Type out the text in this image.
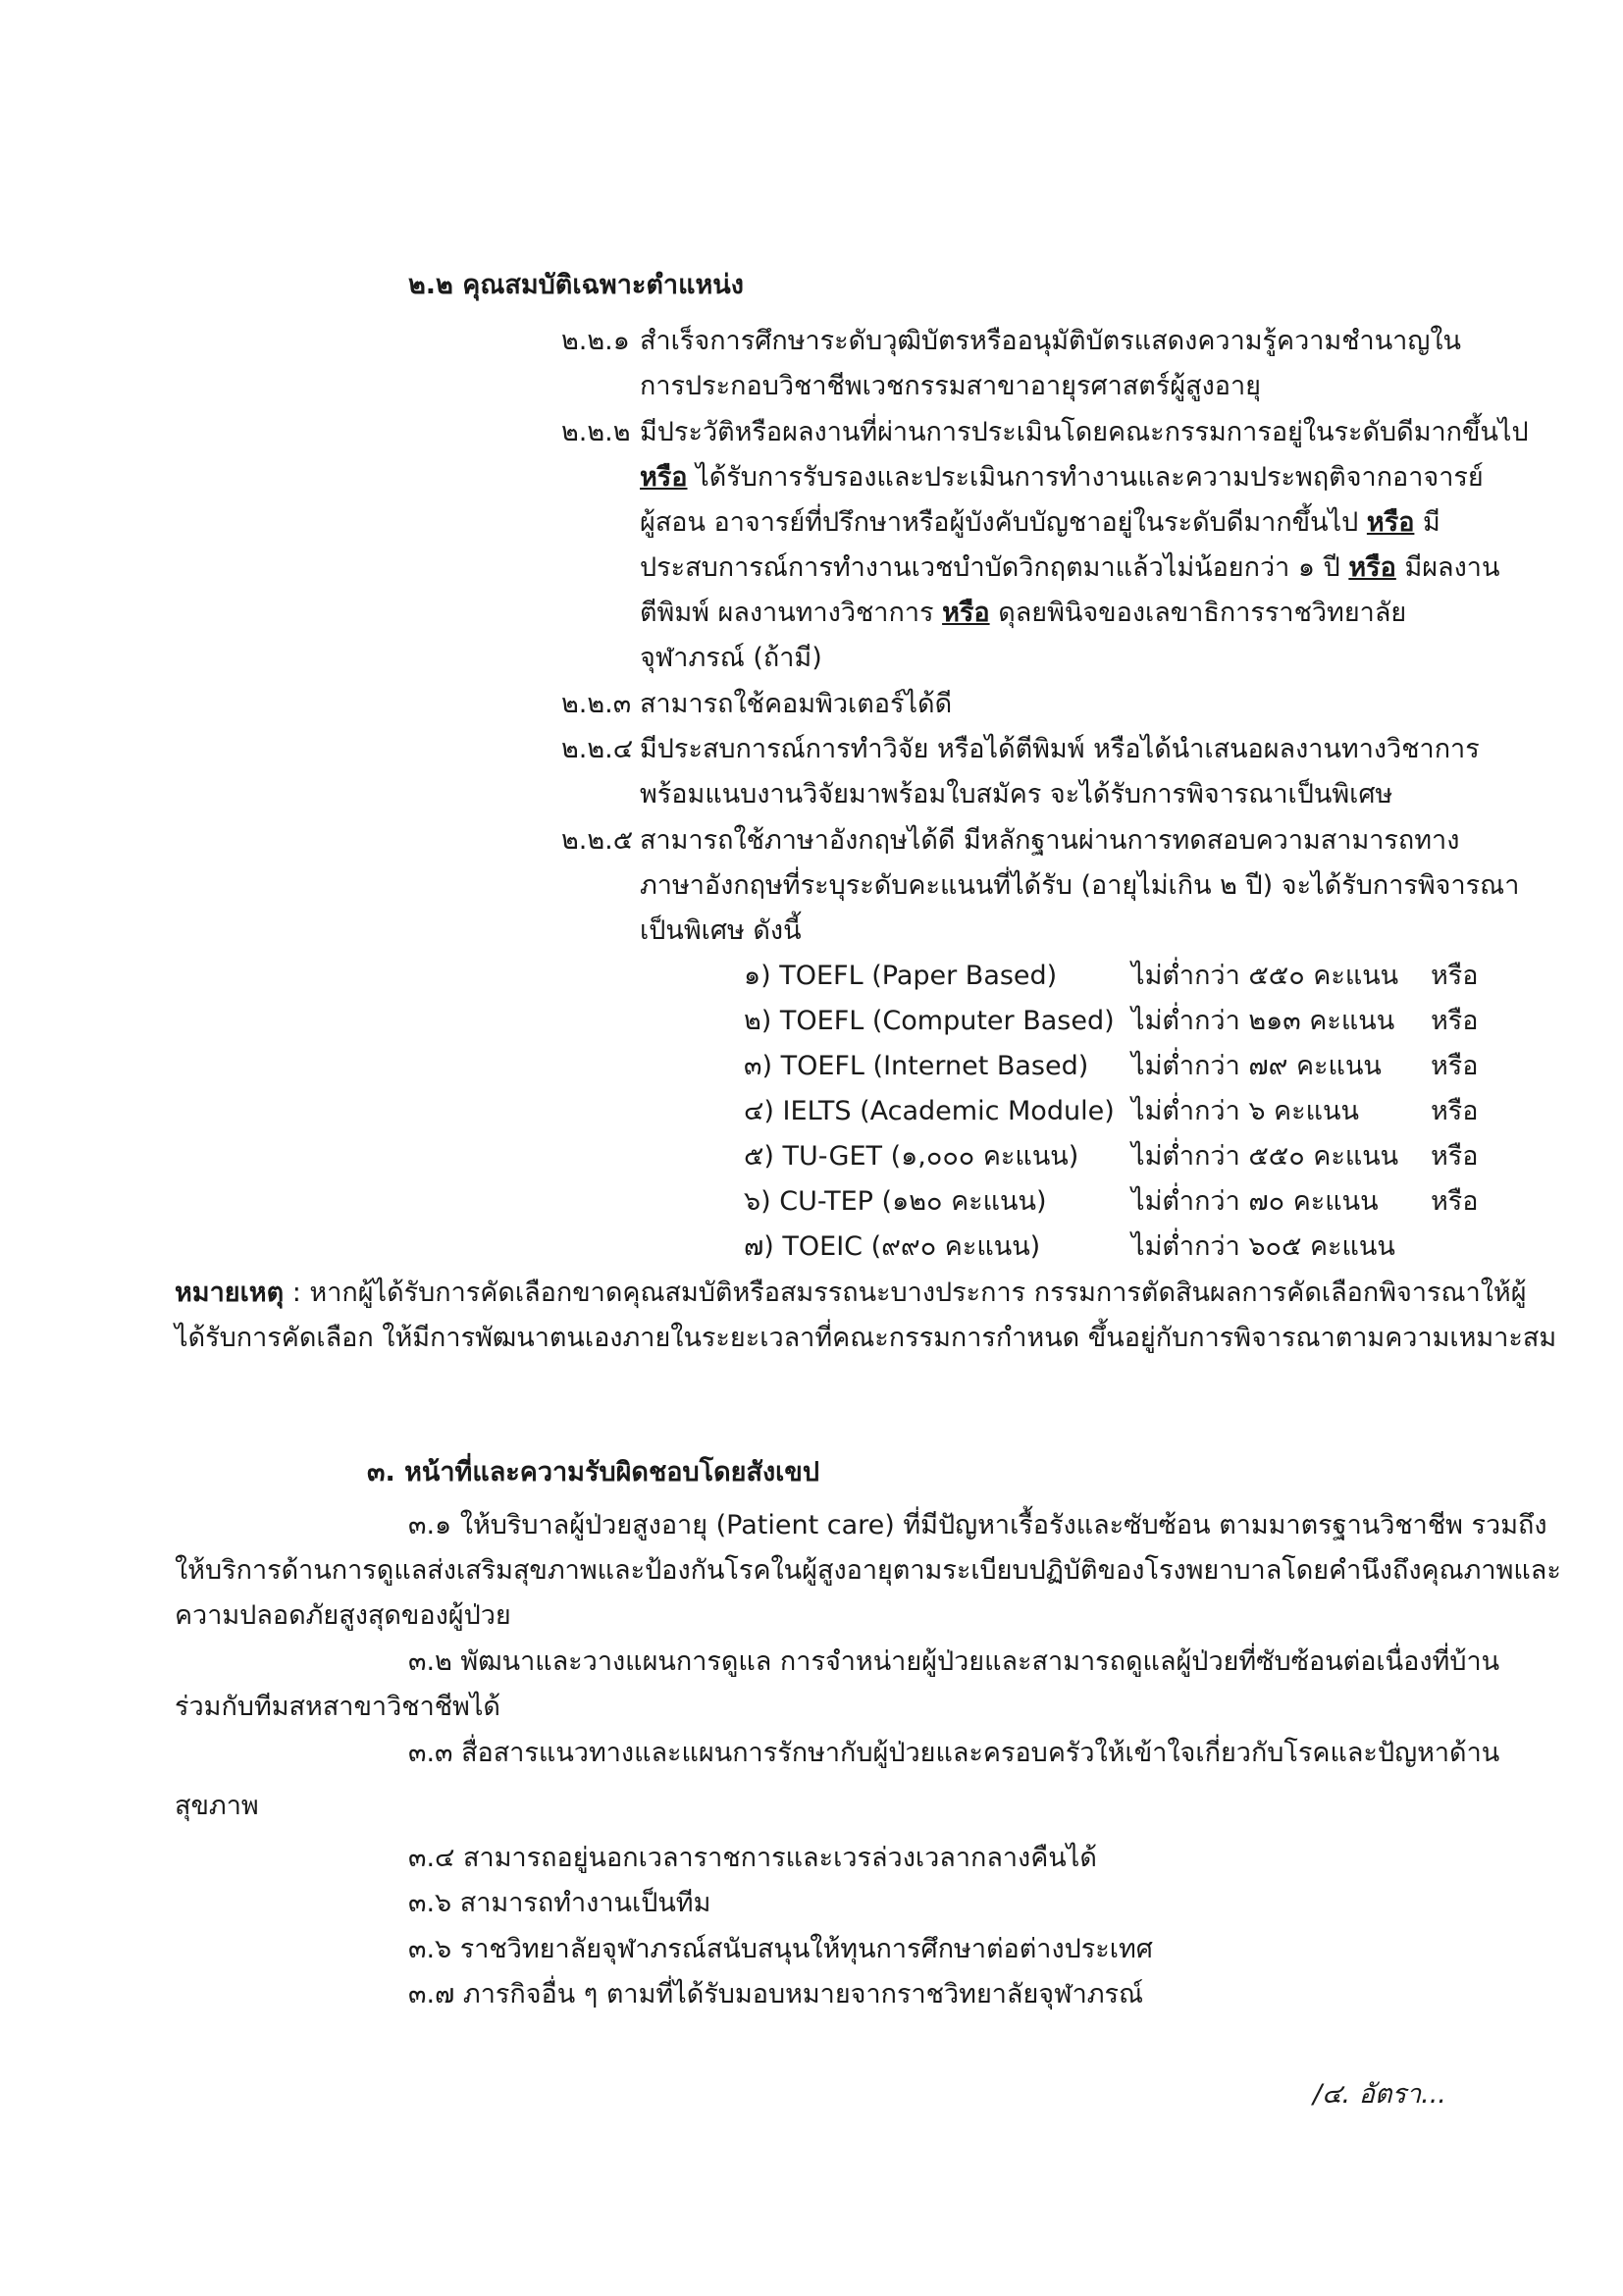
๒.๒ คุณสมบัติเฉพาะตำแหน่ง
๒.๒.๑ สำเร็จการศึกษาระดับวุฒิบัตรหรืออนุมัติบัตรแสดงความรู้ความชำนาญใน
การประกอบวิชาชีพเวชกรรมสาขาอายุรศาสตร์ผู้สูงอายุ
๒.๒.๒ มีประวัติหรือผลงานที่ผ่านการประเมินโดยคณะกรรมการอยู่ในระดับดีมากขึ้นไป
หรือ ได้รับการรับรองและประเมินการทำงานและความประพฤติจากอาจารย์
ผู้สอน อาจารย์ที่ปรึกษาหรือผู้บังคับบัญชาอยู่ในระดับดีมากขึ้นไป หรือ มี
ประสบการณ์การทำงานเวชบำบัดวิกฤตมาแล้วไม่น้อยกว่า ๑ ปี หรือ มีผลงาน
ตีพิมพ์ ผลงานทางวิชาการ หรือ ดุลยพินิจของเลขาธิการราชวิทยาลัย
จุฬาภรณ์ (ถ้ามี)
๒.๒.๓ สามารถใช้คอมพิวเตอร์ได้ดี
๒.๒.๔ มีประสบการณ์การทำวิจัย หรือได้ตีพิมพ์ หรือได้นำเสนอผลงานทางวิชาการ
พร้อมแนบงานวิจัยมาพร้อมใบสมัคร จะได้รับการพิจารณาเป็นพิเศษ
๒.๒.๕ สามารถใช้ภาษาอังกฤษได้ดี มีหลักฐานผ่านการทดสอบความสามารถทาง
ภาษาอังกฤษที่ระบุระดับคะแนนที่ได้รับ (อายุไม่เกิน ๒ ปี) จะได้รับการพิจารณา
เป็นพิเศษ ดังนี้
๑) TOEFL (Paper Based)	ไม่ต่ำกว่า ๕๕๐ คะแนน หรือ
๒) TOEFL (Computer Based) ไม่ต่ำกว่า ๒๑๓ คะแนน หรือ
๓) TOEFL (Internet Based) ไม่ต่ำกว่า ๗๙ คะแนน หรือ
๔) IELTS (Academic Module) ไม่ต่ำกว่า ๖ คะแนน	หรือ
๕) TU-GET (๑,๐๐๐ คะแนน) ไม่ต่ำกว่า ๕๕๐ คะแนน หรือ
๖) CU-TEP (๑๒๐ คะแนน)	ไม่ต่ำกว่า ๗๐ คะแนน หรือ
๗) TOEIC (๙๙๐ คะแนน)	ไม่ต่ำกว่า ๖๐๕ คะแนน
หมายเหตุ : หากผู้ได้รับการคัดเลือกขาดคุณสมบัติหรือสมรรถนะบางประการ กรรมการตัดสินผลการคัดเลือกพิจารณาให้ผู้
ได้รับการคัดเลือก ให้มีการพัฒนาตนเองภายในระยะเวลาที่คณะกรรมการกำหนด ขึ้นอยู่กับการพิจารณาตามความเหมาะสม
๓. หน้าที่และความรับผิดชอบโดยสังเขป
๓.๑ ให้บริบาลผู้ป่วยสูงอายุ (Patient care) ที่มีปัญหาเรื้อรังและซับซ้อน ตามมาตรฐานวิชาชีพ รวมถึง
ให้บริการด้านการดูแลส่งเสริมสุขภาพและป้องกันโรคในผู้สูงอายุตามระเบียบปฏิบัติของโรงพยาบาลโดยคำนึงถึงคุณภาพและ
ความปลอดภัยสูงสุดของผู้ป่วย
๓.๒ พัฒนาและวางแผนการดูแล การจำหน่ายผู้ป่วยและสามารถดูแลผู้ป่วยที่ซับซ้อนต่อเนื่องที่บ้าน
ร่วมกับทีมสหสาขาวิชาชีพได้
๓.๓ สื่อสารแนวทางและแผนการรักษากับผู้ป่วยและครอบครัวให้เข้าใจเกี่ยวกับโรคและปัญหาด้าน
สุขภาพ
๓.๔ สามารถอยู่นอกเวลาราชการและเวรล่วงเวลากลางคืนได้
๓.๖ สามารถทำงานเป็นทีม
๓.๖ ราชวิทยาลัยจุฬาภรณ์สนับสนุนให้ทุนการศึกษาต่อต่างประเทศ
๓.๗ ภารกิจอื่น ๆ ตามที่ได้รับมอบหมายจากราชวิทยาลัยจุฬาภรณ์
/๔. อัตรา...
